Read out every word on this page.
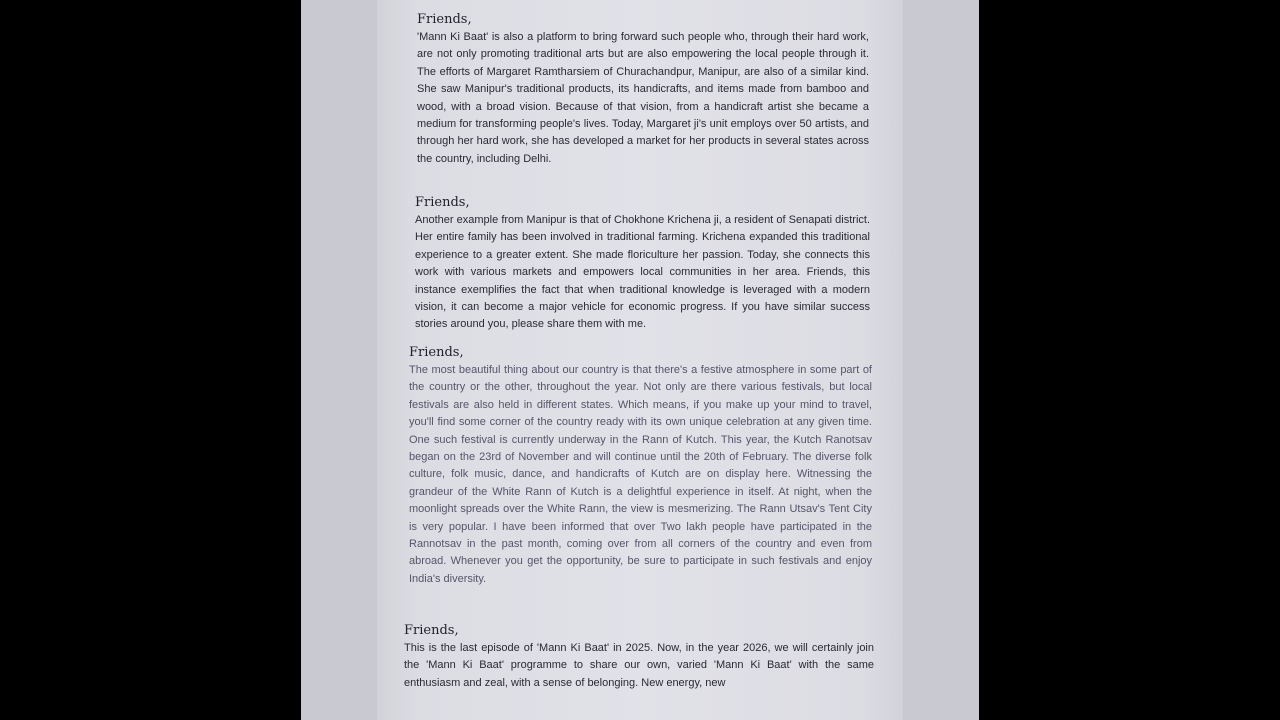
Friends,

'Mann Ki Baat' is also a platform to bring forward such people who, through their hard work, are not only promoting traditional arts but are also empowering the local people through it. The efforts of Margaret Ramtharsiem of Churachandpur, Manipur, are also of a similar kind. She saw Manipur's traditional products, its handicrafts, and items made from bamboo and wood, with a broad vision. Because of that vision, from a handicraft artist she became a medium for transforming people's lives. Today, Margaret ji's unit employs over 50 artists, and through her hard work, she has developed a market for her products in several states across the country, including Delhi.

Friends,

Another example from Manipur is that of Chokhone Krichena ji, a resident of Senapati district. Her entire family has been involved in traditional farming. Krichena expanded this traditional experience to a greater extent. She made floriculture her passion. Today, she connects this work with various markets and empowers local communities in her area. Friends, this instance exemplifies the fact that when traditional knowledge is leveraged with a modern vision, it can become a major vehicle for economic progress. If you have similar success stories around you, please share them with me.

Friends,

The most beautiful thing about our country is that there's a festive atmosphere in some part of the country or the other, throughout the year. Not only are there various festivals, but local festivals are also held in different states. Which means, if you make up your mind to travel, you'll find some corner of the country ready with its own unique celebration at any given time. One such festival is currently underway in the Rann of Kutch. This year, the Kutch Ranotsav began on the 23rd of November and will continue until the 20th of February. The diverse folk culture, folk music, dance, and handicrafts of Kutch are on display here. Witnessing the grandeur of the White Rann of Kutch is a delightful experience in itself. At night, when the moonlight spreads over the White Rann, the view is mesmerizing. The Rann Utsav's Tent City is very popular. I have been informed that over Two lakh people have participated in the Rannotsav in the past month, coming over from all corners of the country and even from abroad. Whenever you get the opportunity, be sure to participate in such festivals and enjoy India's diversity.

Friends,

This is the last episode of 'Mann Ki Baat' in 2025. Now, in the year 2026, we will certainly join the 'Mann Ki Baat' programme to share our own, varied 'Mann Ki Baat' with the same enthusiasm and zeal, with a sense of belonging. New energy, new
